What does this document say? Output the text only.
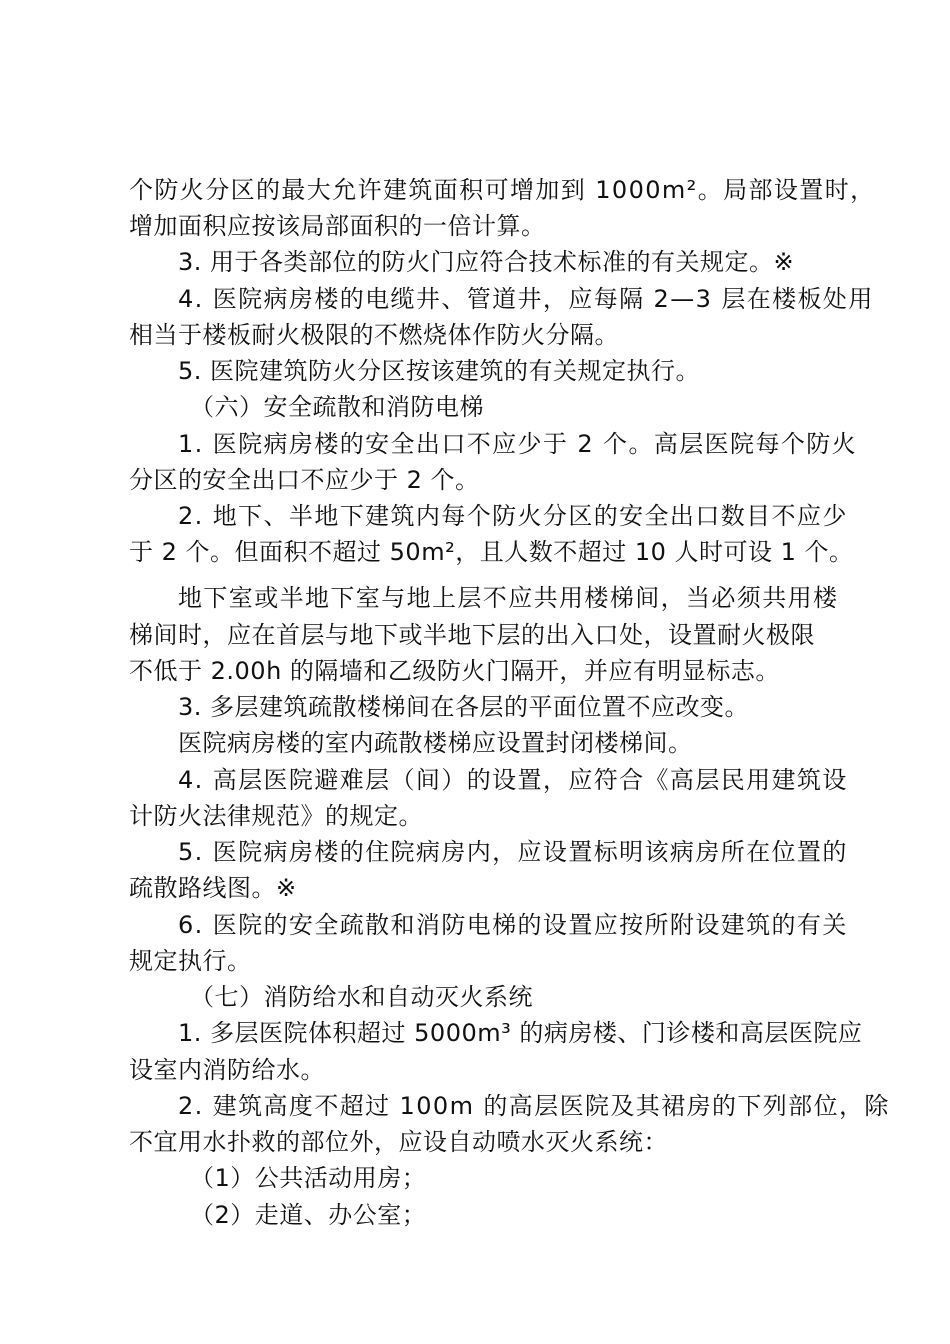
个防火分区的最大允许建筑面积可增加到 1000m²。局部设置时，
增加面积应按该局部面积的一倍计算。
3. 用于各类部位的防火门应符合技术标准的有关规定。※
4. 医院病房楼的电缆井、管道井，应每隔 2—3 层在楼板处用
相当于楼板耐火极限的不燃烧体作防火分隔。
5. 医院建筑防火分区按该建筑的有关规定执行。
（六）安全疏散和消防电梯
1. 医院病房楼的安全出口不应少于 2 个。高层医院每个防火
分区的安全出口不应少于 2 个。
2. 地下、半地下建筑内每个防火分区的安全出口数目不应少
于 2 个。但面积不超过 50m²，且人数不超过 10 人时可设 1 个。
地下室或半地下室与地上层不应共用楼梯间，当必须共用楼
梯间时，应在首层与地下或半地下层的出入口处，设置耐火极限
不低于 2.00h 的隔墙和乙级防火门隔开，并应有明显标志。
3. 多层建筑疏散楼梯间在各层的平面位置不应改变。
医院病房楼的室内疏散楼梯应设置封闭楼梯间。
4. 高层医院避难层（间）的设置，应符合《高层民用建筑设
计防火法律规范》的规定。
5. 医院病房楼的住院病房内，应设置标明该病房所在位置的
疏散路线图。※
6. 医院的安全疏散和消防电梯的设置应按所附设建筑的有关
规定执行。
（七）消防给水和自动灭火系统
1. 多层医院体积超过 5000m³ 的病房楼、门诊楼和高层医院应
设室内消防给水。
2. 建筑高度不超过 100m 的高层医院及其裙房的下列部位，除
不宜用水扑救的部位外，应设自动喷水灭火系统：
（1）公共活动用房；
（2）走道、办公室；
